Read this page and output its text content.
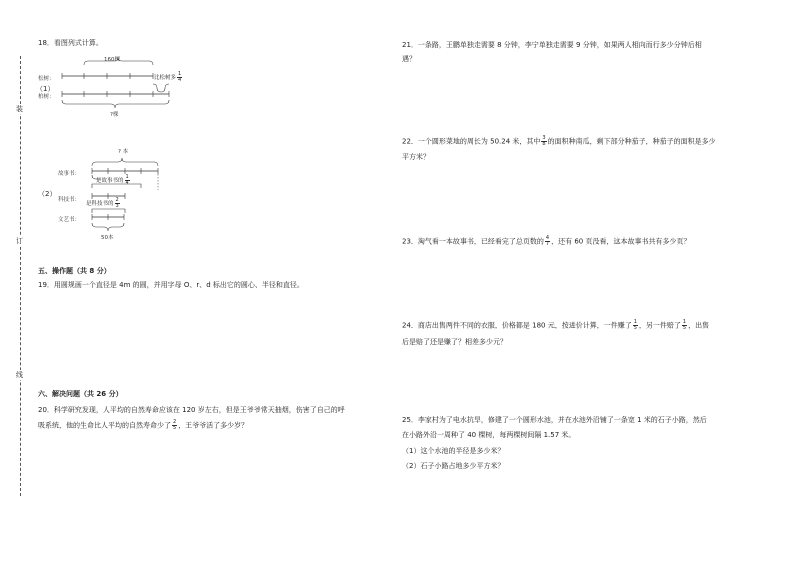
装
订
线
18．看图列式计算。
160棵
松树：
柏树：
?棵
（1）
比松树多 $\frac{1}{4}$
? 本
故事书：
科技书：
文艺书：
50本
（2）
是故事书的 $\frac{1}{4}$
是科技书的 $\frac{2}{3}$
五、操作题（共 8 分）
19．用圆规画一个直径是 4m 的圆，并用字母 O、r、d 标出它的圆心、半径和直径。
六、解决问题（共 26 分）
20．科学研究发现，人平均的自然寿命应该在 120 岁左右，但是王爷爷常天抽烟，伤害了自己的呼
吸系统，他的生命比人平均的自然寿命少了 $\frac{2}{5}$ ，王爷爷活了多少岁？
21．一条路，王鹏单独走需要 8 分钟，李宁单独走需要 9 分钟，如果两人相向而行多少分钟后相
遇？
22．一个圆形菜地的周长为 50.24 米，其中 $\frac{3}{8}$ 的面积种南瓜，剩下部分种茄子，种茄子的面积是多少
平方米？
23．淘气看一本故事书，已经看完了总页数的 $\frac{4}{7}$ ，还有 60 页没看，这本故事书共有多少页？
24．商店出售两件不同的衣服，价格都是 180 元，按进价计算，一件赚了 $\frac{1}{5}$ ，另一件赔了 $\frac{1}{5}$ ，出售
后是赔了还是赚了？相差多少元？
25．李家村为了电水抗旱，修建了一个圆形水池，并在水池外沿铺了一条宽 1 米的石子小路，然后
在小路外沿一周种了 40 棵树，每两棵树间隔 1.57 米。
（1）这个水池的半径是多少米？
（2）石子小路占地多少平方米？
